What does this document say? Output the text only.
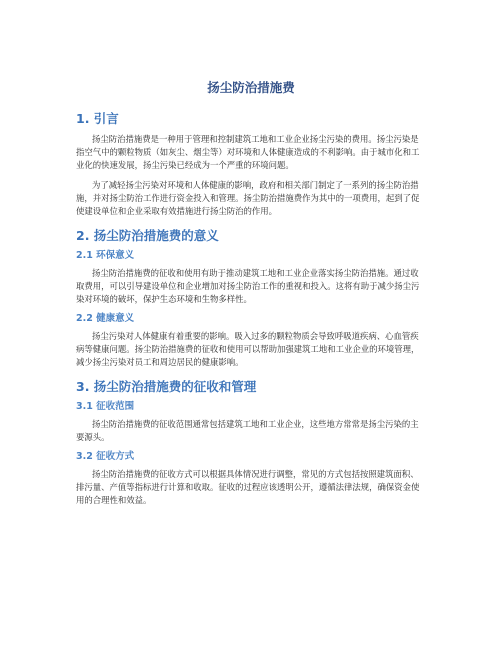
扬尘防治措施费
1. 引言
扬尘防治措施费是一种用于管理和控制建筑工地和工业企业扬尘污染的费用。扬尘污染是指空气中的颗粒物质（如灰尘、烟尘等）对环境和人体健康造成的不利影响。由于城市化和工业化的快速发展，扬尘污染已经成为一个严重的环境问题。
为了减轻扬尘污染对环境和人体健康的影响，政府和相关部门制定了一系列的扬尘防治措施，并对扬尘防治工作进行资金投入和管理。扬尘防治措施费作为其中的一项费用，起到了促使建设单位和企业采取有效措施进行扬尘防治的作用。
2. 扬尘防治措施费的意义
2.1 环保意义
扬尘防治措施费的征收和使用有助于推动建筑工地和工业企业落实扬尘防治措施。通过收取费用，可以引导建设单位和企业增加对扬尘防治工作的重视和投入。这将有助于减少扬尘污染对环境的破坏，保护生态环境和生物多样性。
2.2 健康意义
扬尘污染对人体健康有着重要的影响。吸入过多的颗粒物质会导致呼吸道疾病、心血管疾病等健康问题。扬尘防治措施费的征收和使用可以帮助加强建筑工地和工业企业的环境管理，减少扬尘污染对员工和周边居民的健康影响。
3. 扬尘防治措施费的征收和管理
3.1 征收范围
扬尘防治措施费的征收范围通常包括建筑工地和工业企业，这些地方常常是扬尘污染的主要源头。
3.2 征收方式
扬尘防治措施费的征收方式可以根据具体情况进行调整，常见的方式包括按照建筑面积、排污量、产值等指标进行计算和收取。征收的过程应该透明公开，遵循法律法规，确保资金使用的合理性和效益。
